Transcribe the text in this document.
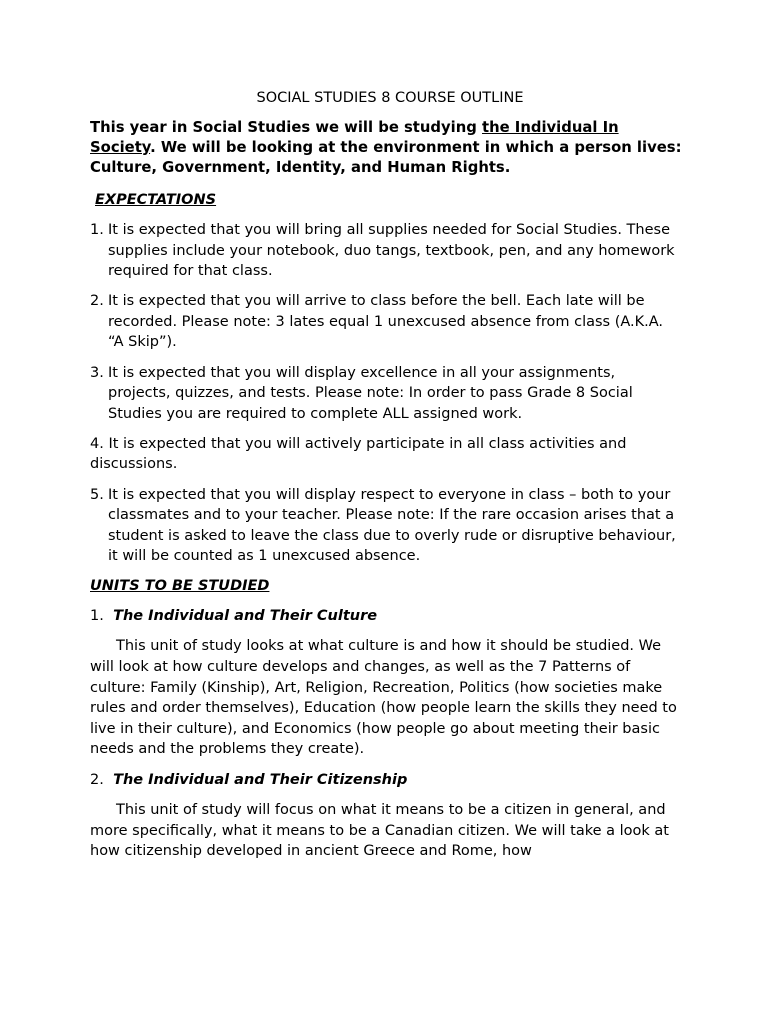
SOCIAL STUDIES 8 COURSE OUTLINE

This year in Social Studies we will be studying the Individual In Society. We will be looking at the environment in which a person lives: Culture, Government, Identity, and Human Rights.

EXPECTATIONS
1. It is expected that you will bring all supplies needed for Social Studies. These supplies include your notebook, duo tangs, textbook, pen, and any homework required for that class.
2. It is expected that you will arrive to class before the bell. Each late will be recorded. Please note: 3 lates equal 1 unexcused absence from class (A.K.A. “A Skip”).
3. It is expected that you will display excellence in all your assignments, projects, quizzes, and tests. Please note: In order to pass Grade 8 Social Studies you are required to complete ALL assigned work.
4. It is expected that you will actively participate in all class activities and discussions.
5. It is expected that you will display respect to everyone in class – both to your classmates and to your teacher. Please note: If the rare occasion arises that a student is asked to leave the class due to overly rude or disruptive behaviour, it will be counted as 1 unexcused absence.
UNITS TO BE STUDIED
1. The Individual and Their Culture

This unit of study looks at what culture is and how it should be studied. We will look at how culture develops and changes, as well as the 7 Patterns of culture: Family (Kinship), Art, Religion, Recreation, Politics (how societies make rules and order themselves), Education (how people learn the skills they need to live in their culture), and Economics (how people go about meeting their basic needs and the problems they create).

2. The Individual and Their Citizenship

This unit of study will focus on what it means to be a citizen in general, and more specifically, what it means to be a Canadian citizen. We will take a look at how citizenship developed in ancient Greece and Rome, how
